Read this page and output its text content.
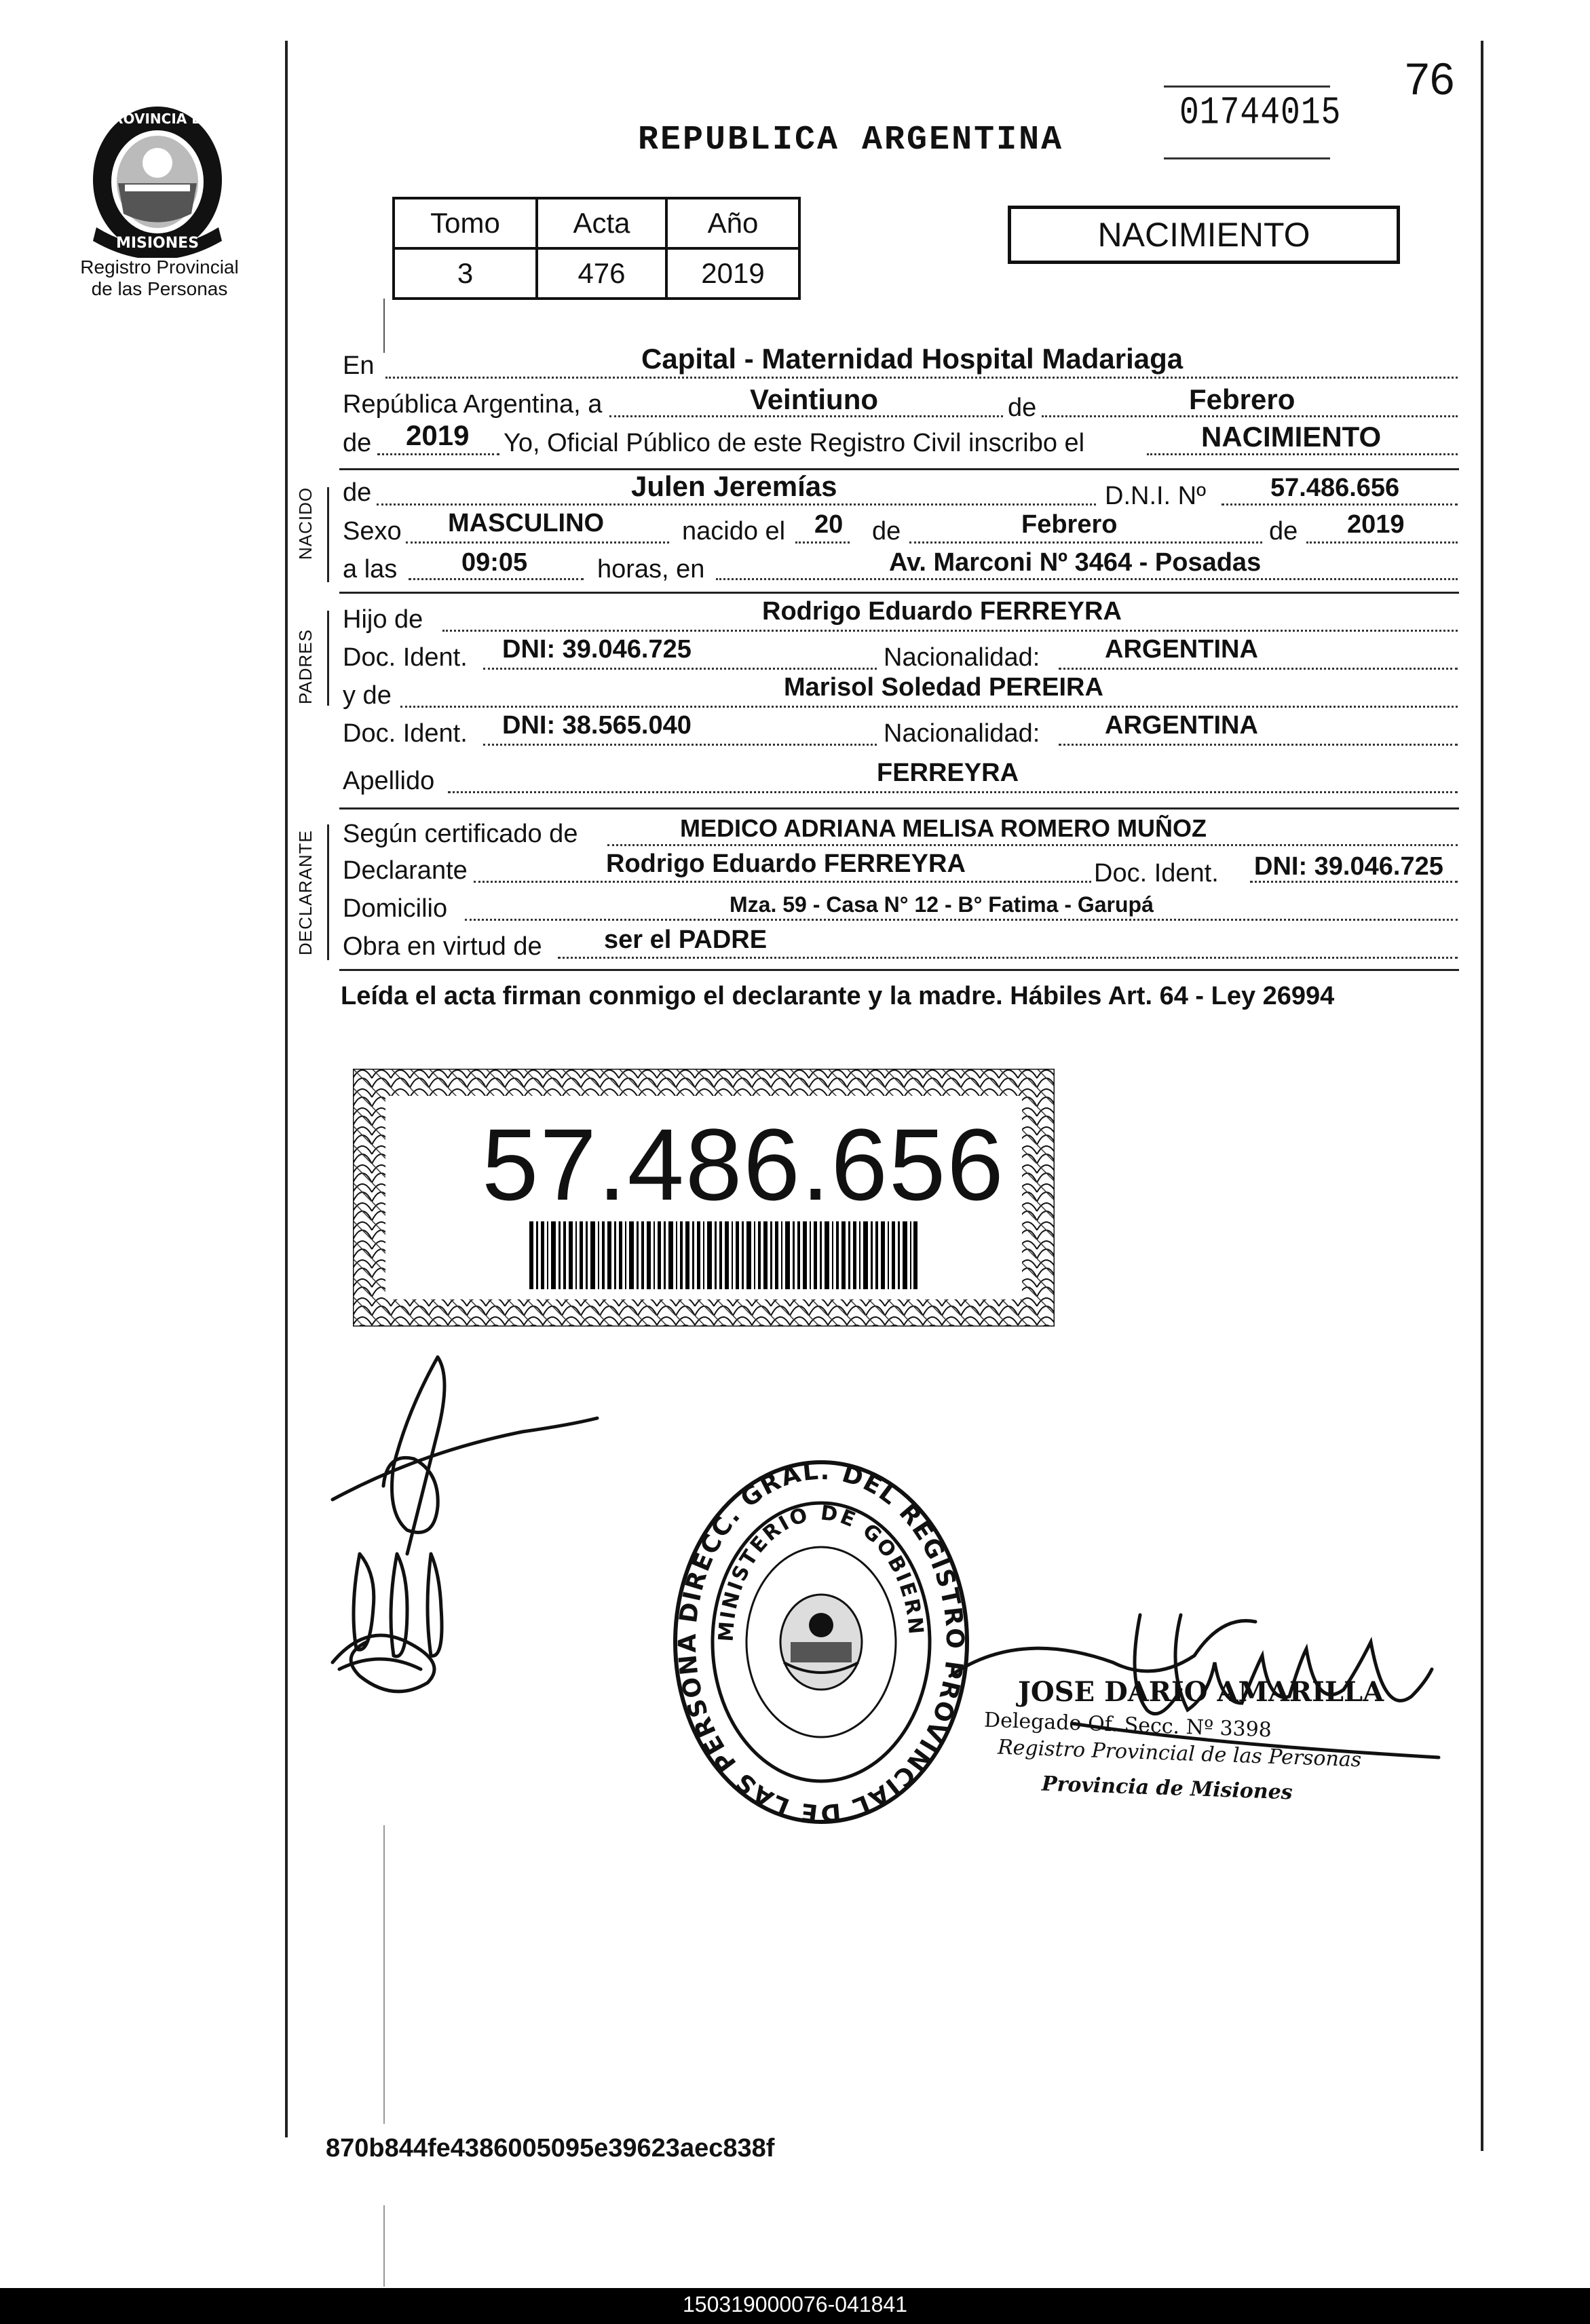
76
REPUBLICA ARGENTINA
01744015
MISIONES
PROVINCIA DE
Registro Provincial de las Personas
Tomo	Acta	Año
3	476	2019
NACIMIENTO
En	Capital - Maternidad Hospital Madariaga
República Argentina, a	Veintiuno	de	Febrero
de 2019 Yo, Oficial Público de este Registro Civil inscribo el	NACIMIENTO
NACIDO de	Julen Jeremías	D.N.I. Nº	57.486.656
Sexo MASCULINO	nacido el 20 de	Febrero	de 2019
a las 09:05	horas, en	Av. Marconi Nº 3464 - Posadas
PADRES
Hijo de	Rodrigo Eduardo FERREYRA
Doc. Ident. DNI: 39.046.725	Nacionalidad:	ARGENTINA
y de	Marisol Soledad PEREIRA
Doc. Ident. DNI: 38.565.040	Nacionalidad:	ARGENTINA
Apellido	FERREYRA
DECLARANTE Según certificado de	MEDICO ADRIANA MELISA ROMERO MUÑOZ
Declarante	Rodrigo Eduardo FERREYRA	Doc. Ident. DNI: 39.046.725
Domicilio	Mza. 59 - Casa N° 12 - B° Fatima - Garupá
Obra en virtud de ser el PADRE
Leída el acta firman conmigo el declarante y la madre. Hábiles Art. 64 - Ley 26994
57.486.656
DIRECC. GRAL. DEL REGISTRO PROVINCIAL DE LAS PERSONA
MINISTERIO DE GOBIERN
JOSE DARIO AMARILLA
Delegado Of. Secc. Nº 3398
Registro Provincial de las Personas
Provincia de Misiones
870b844fe4386005095e39623aec838f
150319000076-041841
